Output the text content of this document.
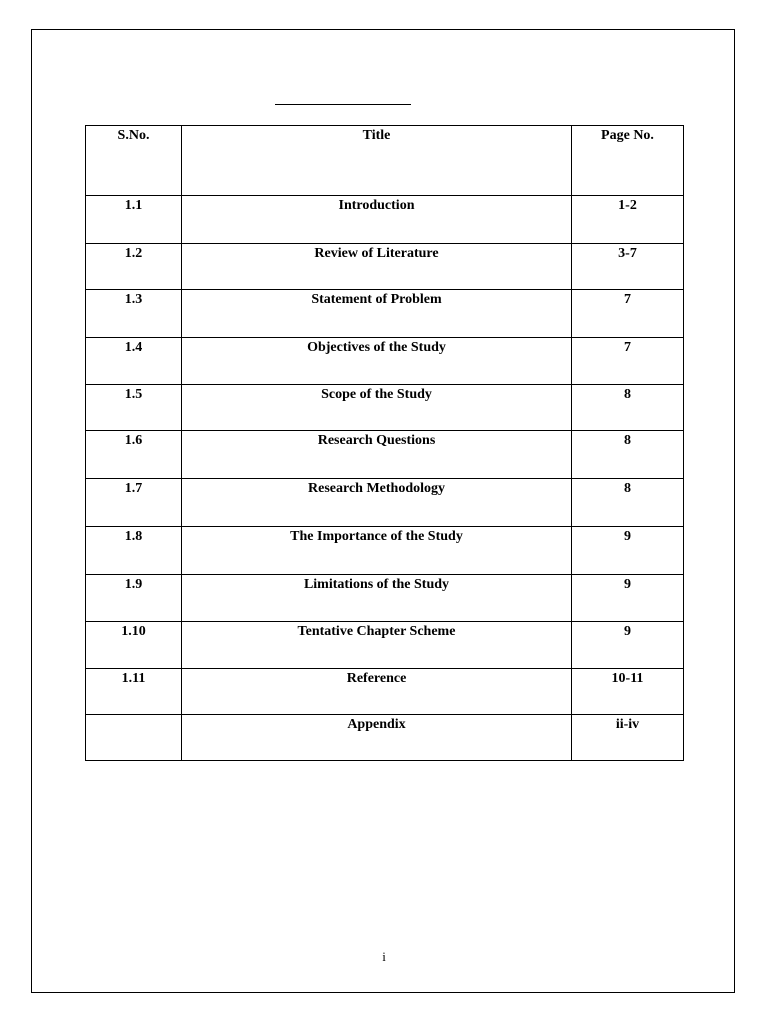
S.No.	Title	Page No.
1.1	Introduction	1-2
1.2	Review of Literature	3-7
1.3	Statement of Problem	7
1.4	Objectives of the Study	7
1.5	Scope of the Study	8
1.6	Research Questions	8
1.7	Research Methodology	8
1.8	The Importance of the Study	9
1.9	Limitations of the Study	9
1.10	Tentative Chapter Scheme	9
1.11	Reference	10-11
	Appendix	ii-iv
i
